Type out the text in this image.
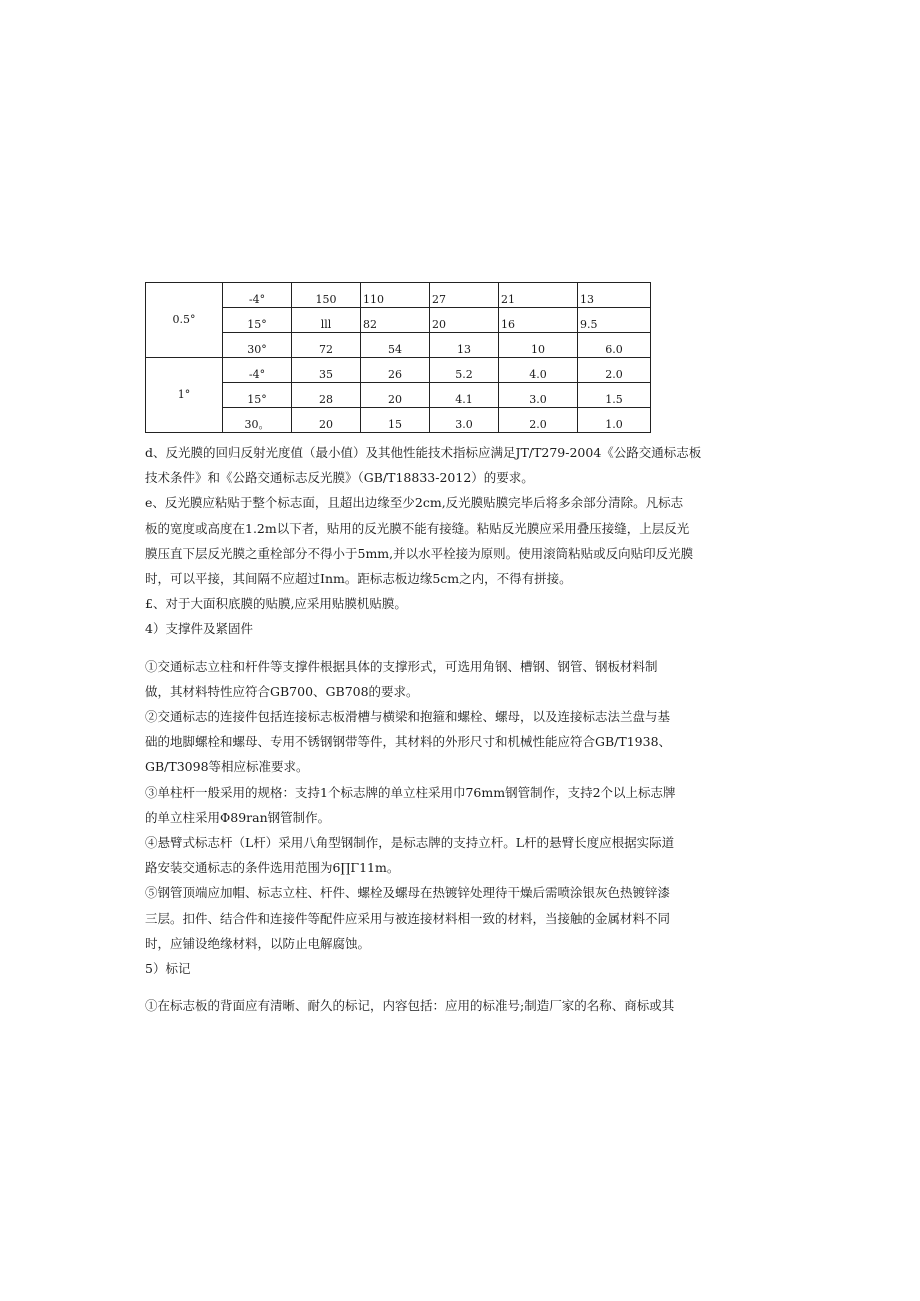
0.5°	-4°	150	110	27	21	13
	15°	lll	82	20	16	9.5
	30°	72	54	13	10	6.0
1°	-4°	35	26	5.2	4.0	2.0
	15°	28	20	4.1	3.0	1.5
	30。	20	15	3.0	2.0	1.0

d、反光膜的回归反射光度值（最小值）及其他性能技术指标应满足JT/T279-2004《公路交通标志板

技术条件》和《公路交通标志反光膜》（GB/T18833-2012）的要求。

e、反光膜应粘贴于整个标志面，且超出边缘至少2cm,反光膜贴膜完毕后将多余部分清除。凡标志

板的宽度或高度在1.2m以下者，贴用的反光膜不能有接缝。粘贴反光膜应采用叠压接缝，上层反光

膜压直下层反光膜之重栓部分不得小于5mm,并以水平栓接为原则。使用滚筒粘贴或反向贴印反光膜

时，可以平接，其间隔不应超过Inm。距标志板边缘5cm之内，不得有拼接。

£、对于大面积底膜的贴膜,应采用贴膜机贴膜。

4）支撑件及紧固件

①交通标志立柱和杆件等支撑件根据具体的支撑形式，可选用角钢、槽钢、钢管、钢板材料制

做，其材料特性应符合GB700、GB708的要求。

②交通标志的连接件包括连接标志板滑槽与横梁和抱箍和螺栓、螺母，以及连接标志法兰盘与基

础的地脚螺栓和螺母、专用不锈钢钢带等件，其材料的外形尺寸和机械性能应符合GB/T1938、

GB/T3098等相应标准要求。

③单柱杆一般采用的规格：支持1个标志牌的单立柱采用巾76mm钢管制作，支持2个以上标志牌

的单立柱采用Φ89ran钢管制作。

④悬臂式标志杆（L杆）采用八角型钢制作，是标志牌的支持立杆。L杆的悬臂长度应根据实际道

路安装交通标志的条件选用范围为6∏Γ11m。

⑤钢管顶端应加帽、标志立柱、杆件、螺栓及螺母在热镀锌处理待干燥后需喷涂银灰色热镀锌漆

三层。扣件、结合件和连接件等配件应采用与被连接材料相一致的材料，当接触的金属材料不同

时，应铺设绝缘材料，以防止电解腐蚀。

5）标记

①在标志板的背面应有清晰、耐久的标记，内容包括：应用的标准号;制造厂家的名称、商标或其
